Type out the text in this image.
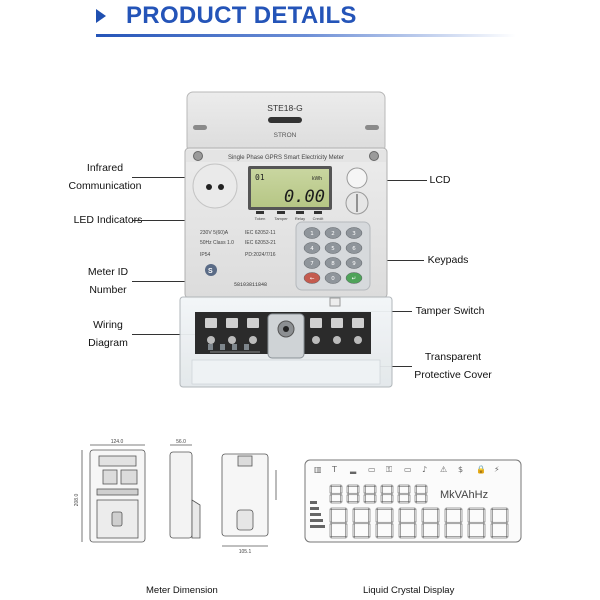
PRODUCT DETAILS
Infrared
Communication
LED Indicators
Meter ID
Number
Wiring
Diagram
LCD
Keypads
Tamper Switch
Transparent
Protective Cover
STE18-G
STRON
Single Phase GPRS Smart Electricity Meter
01	kWh
0.00
Token Tamper Relay Credit
230V 5(60)A	IEC 62052-11
50Hz Class 1.0 IEC 62053-21
IP54	PD:2024/7/16
1	2	3
4	5	6
7	8	9
←	0	↵
S
58103811848
124.0	56.0
208.0
105.1
▥ T ▂ ▭ ⚿ ▭ ♪ ⚠ $ 🔒 ⚡
MkVAhHz
Meter Dimension	Liquid Crystal Display
